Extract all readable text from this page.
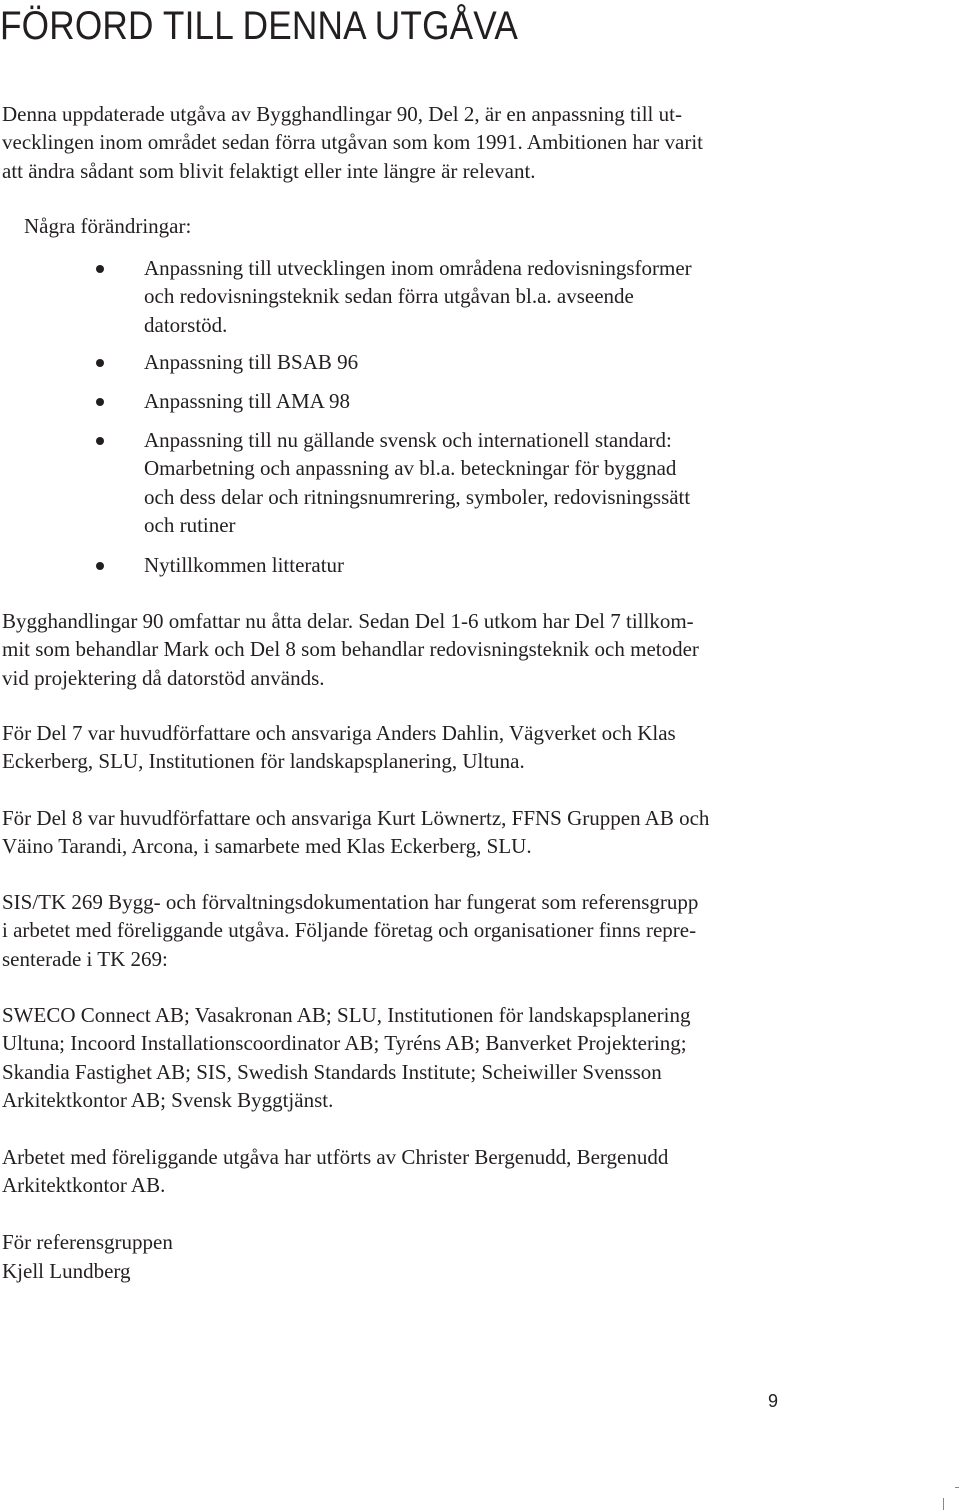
FÖRORD TILL DENNA UTGÅVA

Denna uppdaterade utgåva av Bygghandlingar 90, Del 2, är en anpassning till ut-
vecklingen inom området sedan förra utgåvan som kom 1991. Ambitionen har varit
att ändra sådant som blivit felaktigt eller inte längre är relevant.

Några förändringar:

Anpassning till utvecklingen inom områdena redovisningsformer
och redovisningsteknik sedan förra utgåvan bl.a. avseende
datorstöd.

Anpassning till BSAB 96

Anpassning till AMA 98

Anpassning till nu gällande svensk och internationell standard:
Omarbetning och anpassning av bl.a. beteckningar för byggnad
och dess delar och ritningsnumrering, symboler, redovisningssätt
och rutiner

Nytillkommen litteratur

Bygghandlingar 90 omfattar nu åtta delar. Sedan Del 1-6 utkom har Del 7 tillkom-
mit som behandlar Mark och Del 8 som behandlar redovisningsteknik och metoder
vid projektering då datorstöd används.

För Del 7 var huvudförfattare och ansvariga Anders Dahlin, Vägverket och Klas
Eckerberg, SLU, Institutionen för landskapsplanering, Ultuna.

För Del 8 var huvudförfattare och ansvariga Kurt Löwnertz, FFNS Gruppen AB och
Väino Tarandi, Arcona, i samarbete med Klas Eckerberg, SLU.

SIS/TK 269 Bygg- och förvaltningsdokumentation har fungerat som referensgrupp
i arbetet med föreliggande utgåva. Följande företag och organisationer finns repre-
senterade i TK 269:

SWECO Connect AB; Vasakronan AB; SLU, Institutionen för landskapsplanering
Ultuna; Incoord Installationscoordinator AB; Tyréns AB; Banverket Projektering;
Skandia Fastighet AB; SIS, Swedish Standards Institute; Scheiwiller Svensson
Arkitektkontor AB; Svensk Byggtjänst.

Arbetet med föreliggande utgåva har utförts av Christer Bergenudd, Bergenudd
Arkitektkontor AB.

För referensgruppen

Kjell Lundberg

9
